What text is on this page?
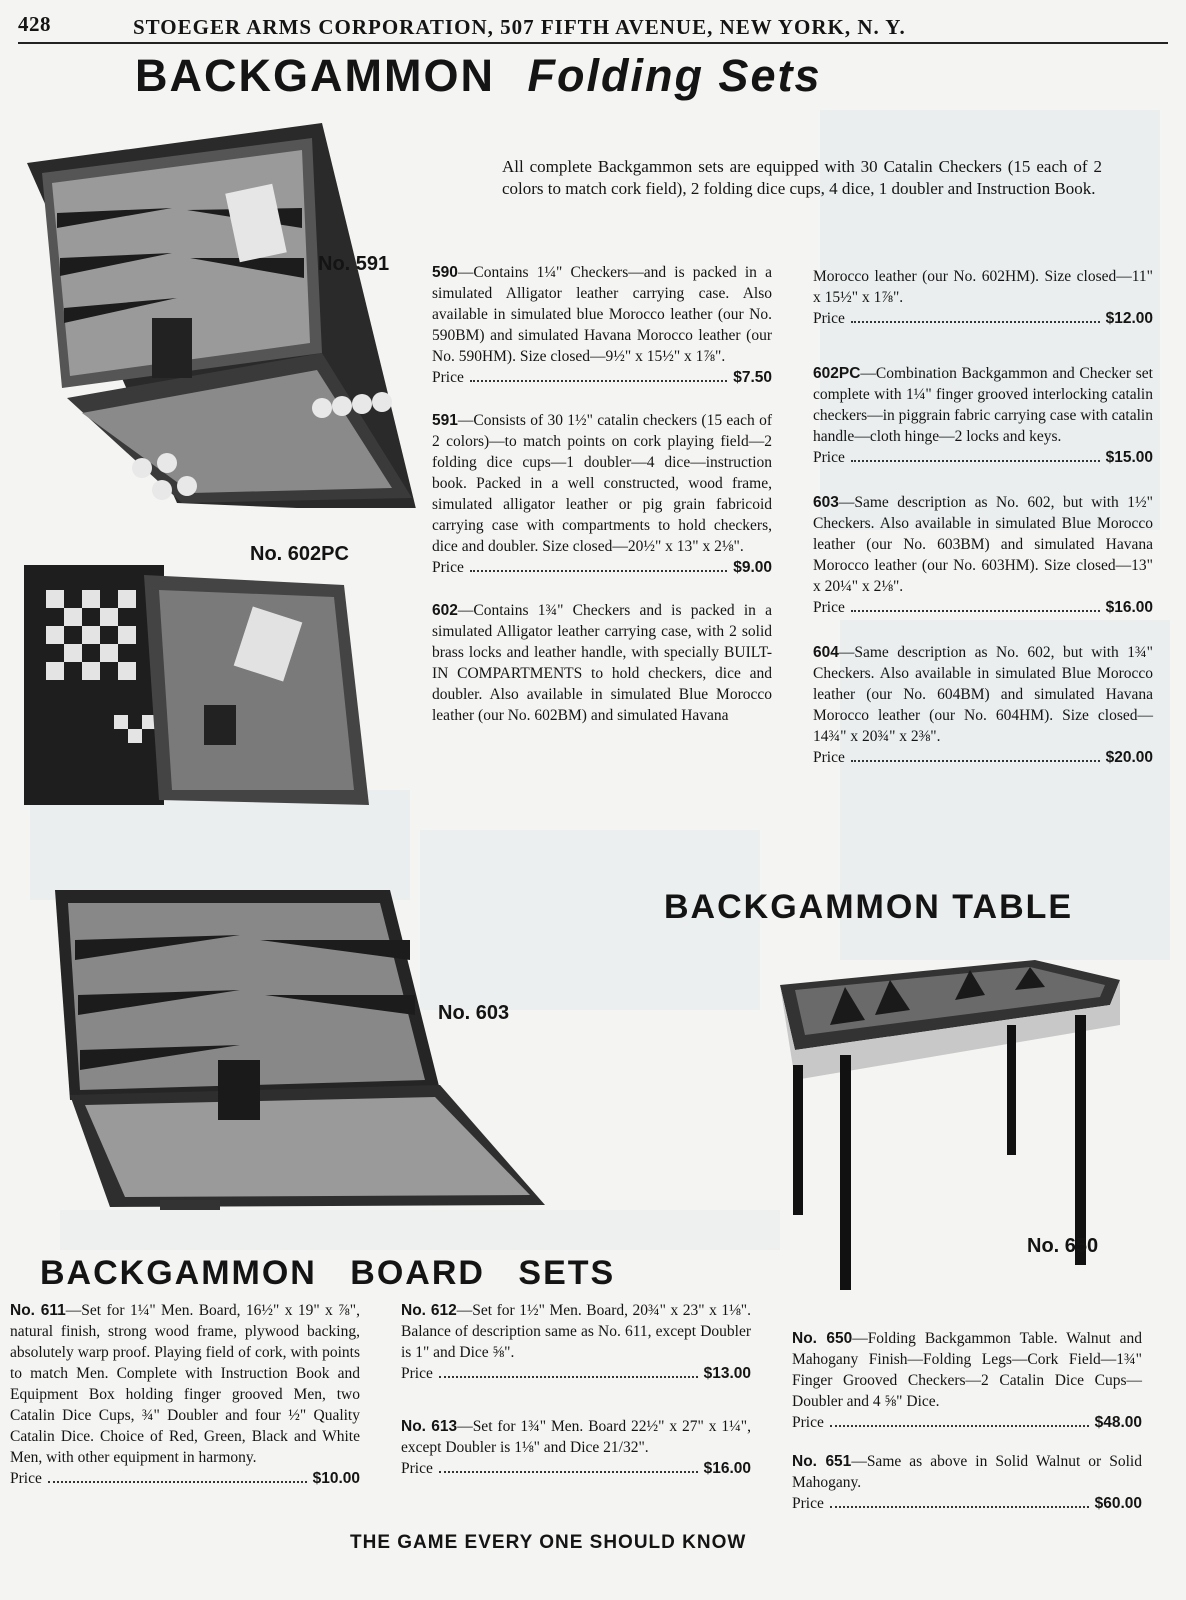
428	STOEGER ARMS CORPORATION, 507 FIFTH AVENUE, NEW YORK, N. Y.
BACKGAMMON Folding Sets
All complete Backgammon sets are equipped with 30 Catalin Checkers (15 each of 2 colors to match cork field), 2 folding dice cups, 4 dice, 1 doubler and Instruction Book.
No. 591
No. 602PC
No. 603
590—Contains 1¼" Checkers—and is packed in a simulated Alligator leather carrying case. Also available in simulated blue Morocco leather (our No. 590BM) and simulated Havana Morocco leather (our No. 590HM). Size closed—9½" x 15½" x 1⅞".
Price	$7.50
591—Consists of 30 1½" catalin checkers (15 each of 2 colors)—to match points on cork playing field—2 folding dice cups—1 doubler—4 dice—instruction book. Packed in a well constructed, wood frame, simulated alligator leather or pig grain fabricoid carrying case with compartments to hold checkers, dice and doubler. Size closed—20½" x 13" x 2⅛".
Price	$9.00
602—Contains 1¾" Checkers and is packed in a simulated Alligator leather carrying case, with 2 solid brass locks and leather handle, with specially BUILT-IN COMPARTMENTS to hold checkers, dice and doubler. Also available in simulated Blue Morocco leather (our No. 602BM) and simulated Havana
Morocco leather (our No. 602HM). Size closed—11" x 15½" x 1⅞".
Price	$12.00
602PC—Combination Backgammon and Checker set complete with 1¼" finger grooved interlocking catalin checkers—in piggrain fabric carrying case with catalin handle—cloth hinge—2 locks and keys.
Price	$15.00
603—Same description as No. 602, but with 1½" Checkers. Also available in simulated Blue Morocco leather (our No. 603BM) and simulated Havana Morocco leather (our No. 603HM). Size closed—13" x 20¼" x 2⅛".
Price	$16.00
604—Same description as No. 602, but with 1¾" Checkers. Also available in simulated Blue Morocco leather (our No. 604BM) and simulated Havana Morocco leather (our No. 604HM). Size closed—14¾" x 20¾" x 2⅜".
Price	$20.00
BACKGAMMON TABLE
No. 650
No. 650—Folding Backgammon Table. Walnut and Mahogany Finish—Folding Legs—Cork Field—1¾" Finger Grooved Checkers—2 Catalin Dice Cups—Doubler and 4 ⅝" Dice.
Price	$48.00
No. 651—Same as above in Solid Walnut or Solid Mahogany.
Price	$60.00
BACKGAMMON BOARD SETS
No. 611—Set for 1¼" Men. Board, 16½" x 19" x ⅞", natural finish, strong wood frame, plywood backing, absolutely warp proof. Playing field of cork, with points to match Men. Complete with Instruction Book and Equipment Box holding finger grooved Men, two Catalin Dice Cups, ¾" Doubler and four ½" Quality Catalin Dice. Choice of Red, Green, Black and White Men, with other equipment in harmony.
Price	$10.00
No. 612—Set for 1½" Men. Board, 20¾" x 23" x 1⅛". Balance of description same as No. 611, except Doubler is 1" and Dice ⅝".
Price	$13.00
No. 613—Set for 1¾" Men. Board 22½" x 27" x 1¼", except Doubler is 1⅛" and Dice 21/32".
Price	$16.00
THE GAME EVERY ONE SHOULD KNOW
